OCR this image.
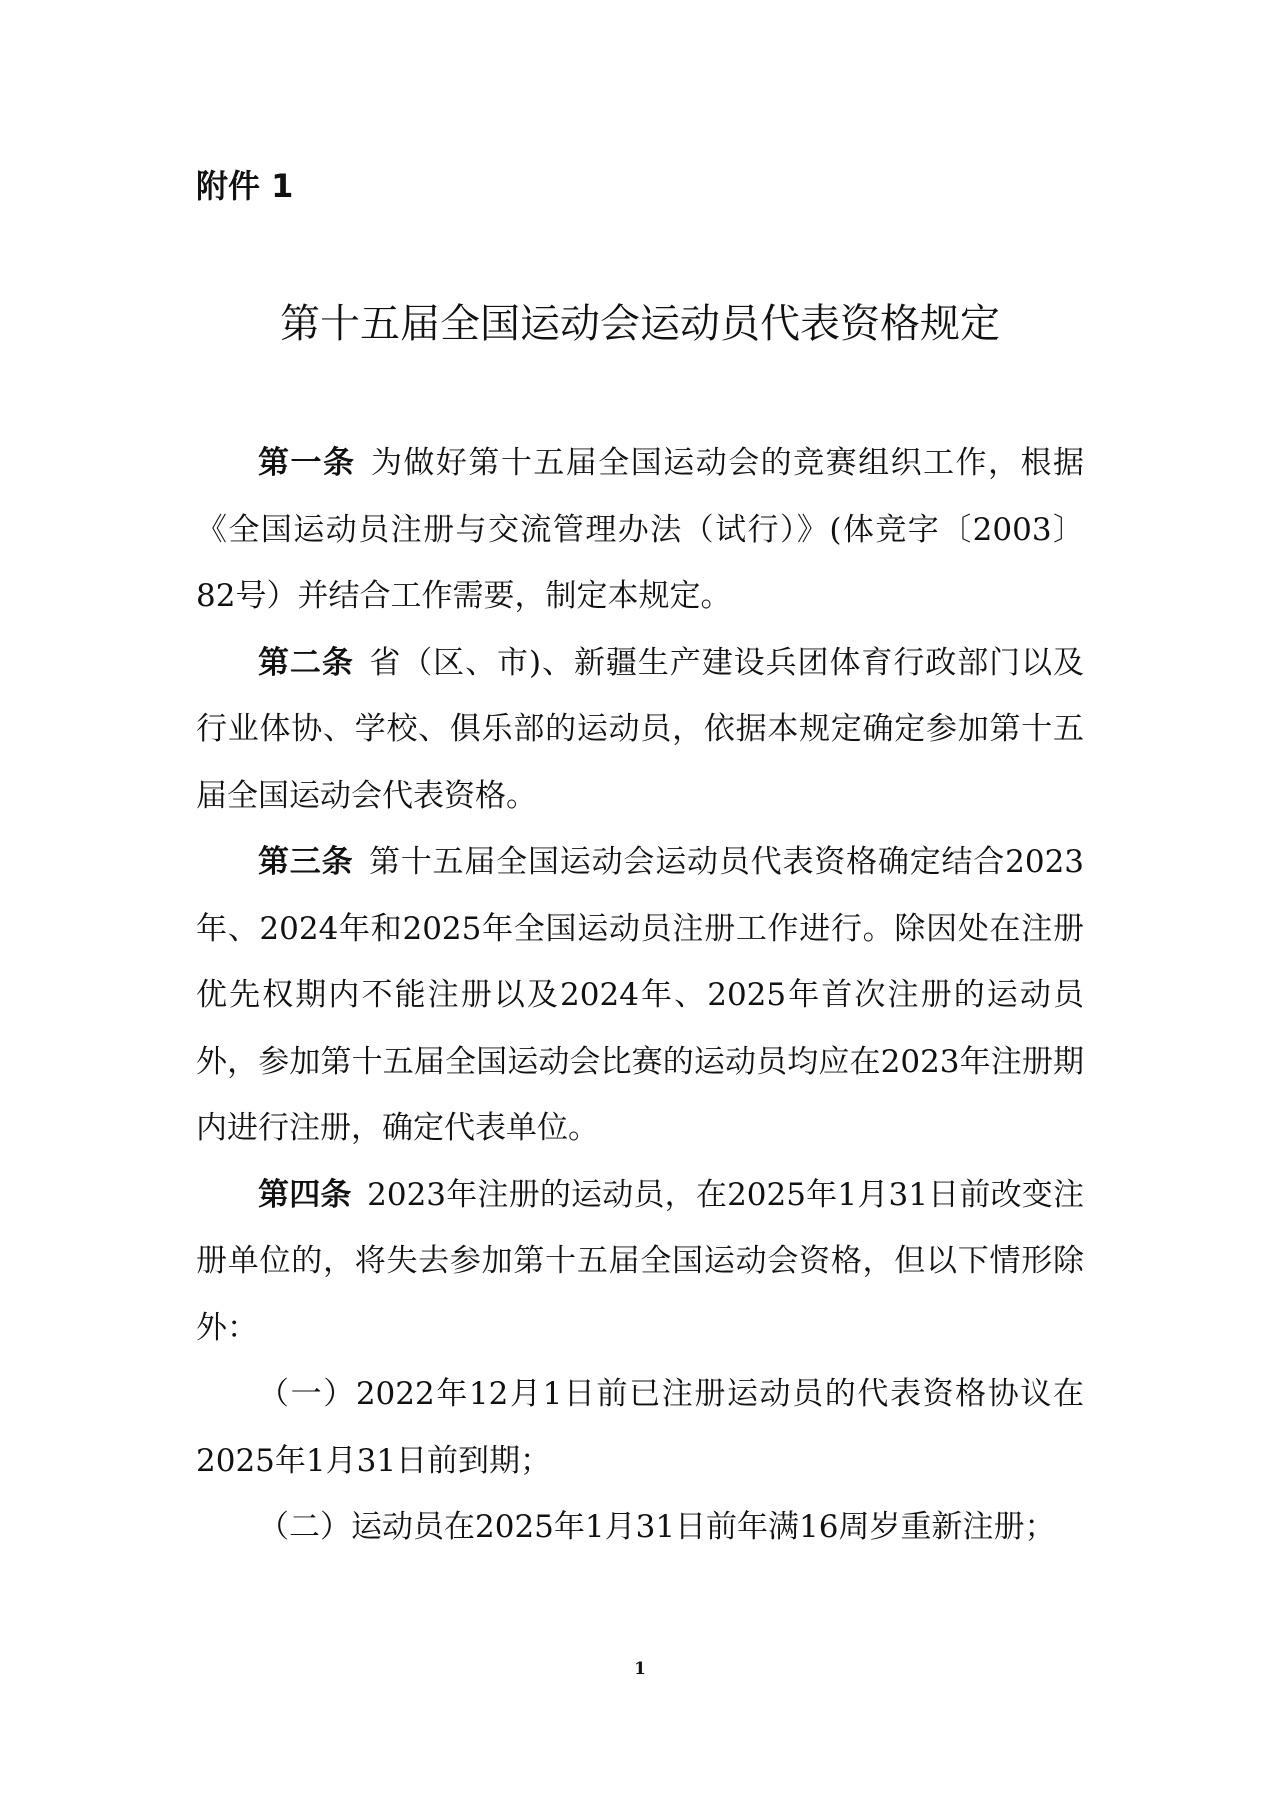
附件 1
第十五届全国运动会运动员代表资格规定

第一条 为做好第十五届全国运动会的竞赛组织工作，根据《全国运动员注册与交流管理办法（试行）》(体竞字〔2003〕82号）并结合工作需要，制定本规定。

第二条 省（区、市)、新疆生产建设兵团体育行政部门以及行业体协、学校、俱乐部的运动员，依据本规定确定参加第十五届全国运动会代表资格。

第三条 第十五届全国运动会运动员代表资格确定结合2023年、2024年和2025年全国运动员注册工作进行。除因处在注册优先权期内不能注册以及2024年、2025年首次注册的运动员外，参加第十五届全国运动会比赛的运动员均应在2023年注册期内进行注册，确定代表单位。

第四条 2023年注册的运动员，在2025年1月31日前改变注册单位的，将失去参加第十五届全国运动会资格，但以下情形除外：

（一）2022年12月1日前已注册运动员的代表资格协议在2025年1月31日前到期；

（二）运动员在2025年1月31日前年满16周岁重新注册；

1
